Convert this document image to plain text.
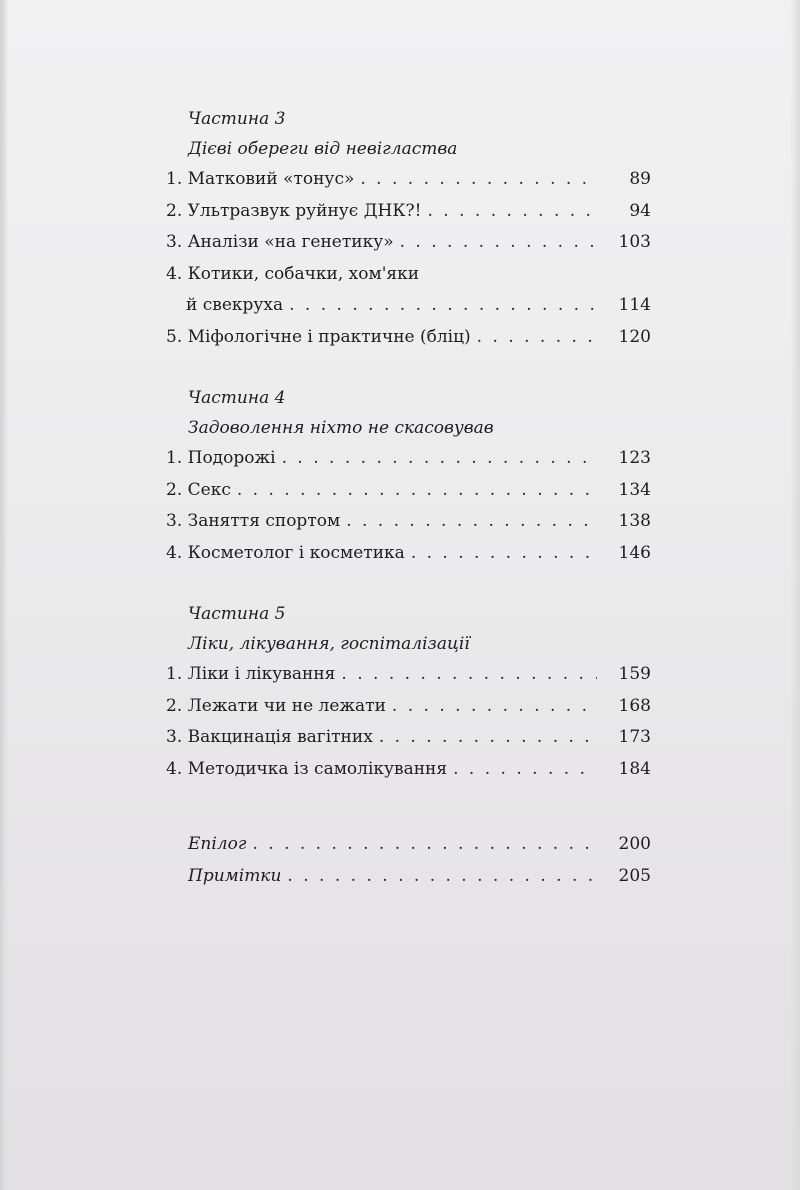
Частина 3
Дієві обереги від невігластва
1. Матковий «тонус» . . .	89
2. Ультразвук руйнує ДНК?! . . .	94
3. Аналізи «на генетику» . . .	103
4. Котики, собачки, хом'яки
й свекруха . . .	114
5. Міфологічне і практичне (бліц) . . .	120
Частина 4
Задоволення ніхто не скасовував
1. Подорожі . . .	123
2. Секс . . .	134
3. Заняття спортом . . .	138
4. Косметолог і косметика . . .	146
Частина 5
Ліки, лікування, госпіталізації
1. Ліки і лікування . . .	159
2. Лежати чи не лежати . . .	168
3. Вакцинація вагітних . . .	173
4. Методичка із самолікування . . .	184
Епілог . . .	200
Примітки . . .	205
